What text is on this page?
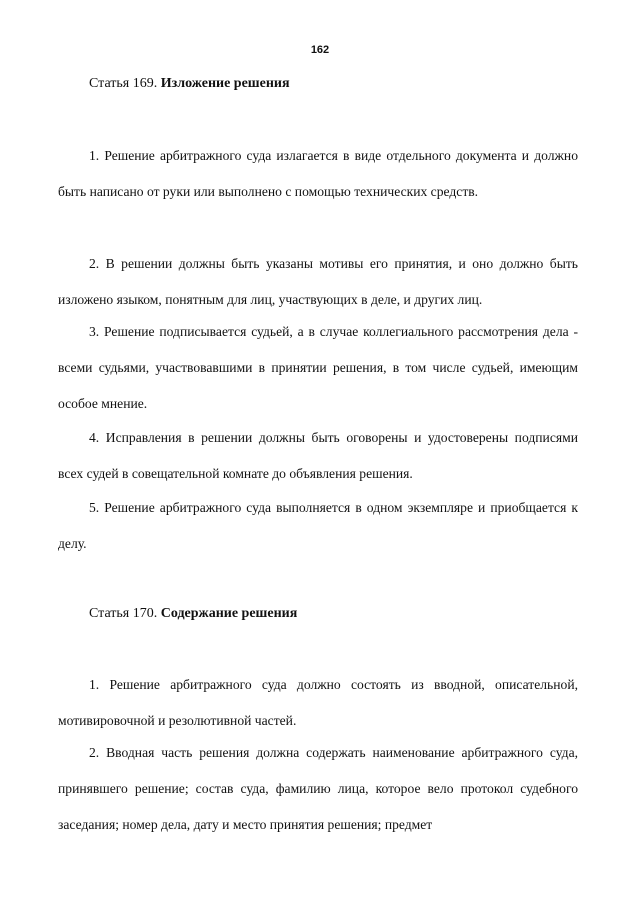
162
Статья 169. Изложение решения

1. Решение арбитражного суда излагается в виде отдельного документа и должно быть написано от руки или выполнено с помощью технических средств.

2. В решении должны быть указаны мотивы его принятия, и оно должно быть изложено языком, понятным для лиц, участвующих в деле, и других лиц.

3. Решение подписывается судьей, а в случае коллегиального рассмотрения дела - всеми судьями, участвовавшими в принятии решения, в том числе судьей, имеющим особое мнение.

4. Исправления в решении должны быть оговорены и удостоверены подписями всех судей в совещательной комнате до объявления решения.

5. Решение арбитражного суда выполняется в одном экземпляре и приобщается к делу.

Статья 170. Содержание решения

1. Решение арбитражного суда должно состоять из вводной, описательной, мотивировочной и резолютивной частей.

2. Вводная часть решения должна содержать наименование арбитражного суда, принявшего решение; состав суда, фамилию лица, которое вело протокол судебного заседания; номер дела, дату и место принятия решения; предмет
